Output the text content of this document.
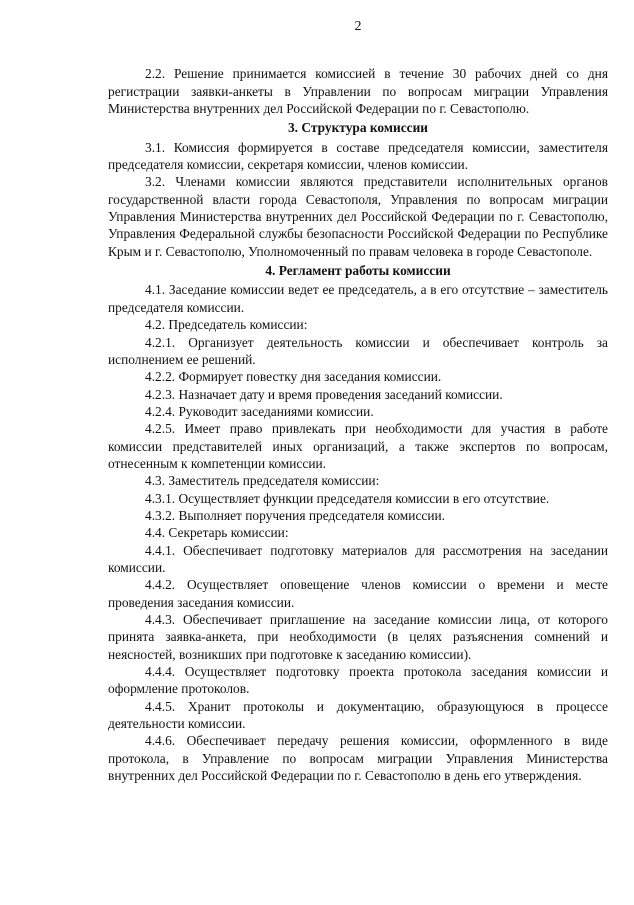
2

2.2. Решение принимается комиссией в течение 30 рабочих дней со дня регистрации заявки-анкеты в Управлении по вопросам миграции Управления Министерства внутренних дел Российской Федерации по г. Севастополю.

3. Структура комиссии

3.1. Комиссия формируется в составе председателя комиссии, заместителя председателя комиссии, секретаря комиссии, членов комиссии.

3.2. Членами комиссии являются представители исполнительных органов государственной власти города Севастополя, Управления по вопросам миграции Управления Министерства внутренних дел Российской Федерации по г. Севастополю, Управления Федеральной службы безопасности Российской Федерации по Республике Крым и г. Севастополю, Уполномоченный по правам человека в городе Севастополе.

4. Регламент работы комиссии

4.1. Заседание комиссии ведет ее председатель, а в его отсутствие – заместитель председателя комиссии.

4.2. Председатель комиссии:

4.2.1. Организует деятельность комиссии и обеспечивает контроль за исполнением ее решений.

4.2.2. Формирует повестку дня заседания комиссии.

4.2.3. Назначает дату и время проведения заседаний комиссии.

4.2.4. Руководит заседаниями комиссии.

4.2.5. Имеет право привлекать при необходимости для участия в работе комиссии представителей иных организаций, а также экспертов по вопросам, отнесенным к компетенции комиссии.

4.3. Заместитель председателя комиссии:

4.3.1. Осуществляет функции председателя комиссии в его отсутствие.

4.3.2. Выполняет поручения председателя комиссии.

4.4. Секретарь комиссии:

4.4.1. Обеспечивает подготовку материалов для рассмотрения на заседании комиссии.

4.4.2. Осуществляет оповещение членов комиссии о времени и месте проведения заседания комиссии.

4.4.3. Обеспечивает приглашение на заседание комиссии лица, от которого принята заявка-анкета, при необходимости (в целях разъяснения сомнений и неясностей, возникших при подготовке к заседанию комиссии).

4.4.4. Осуществляет подготовку проекта протокола заседания комиссии и оформление протоколов.

4.4.5. Хранит протоколы и документацию, образующуюся в процессе деятельности комиссии.

4.4.6. Обеспечивает передачу решения комиссии, оформленного в виде протокола, в Управление по вопросам миграции Управления Министерства внутренних дел Российской Федерации по г. Севастополю в день его утверждения.
